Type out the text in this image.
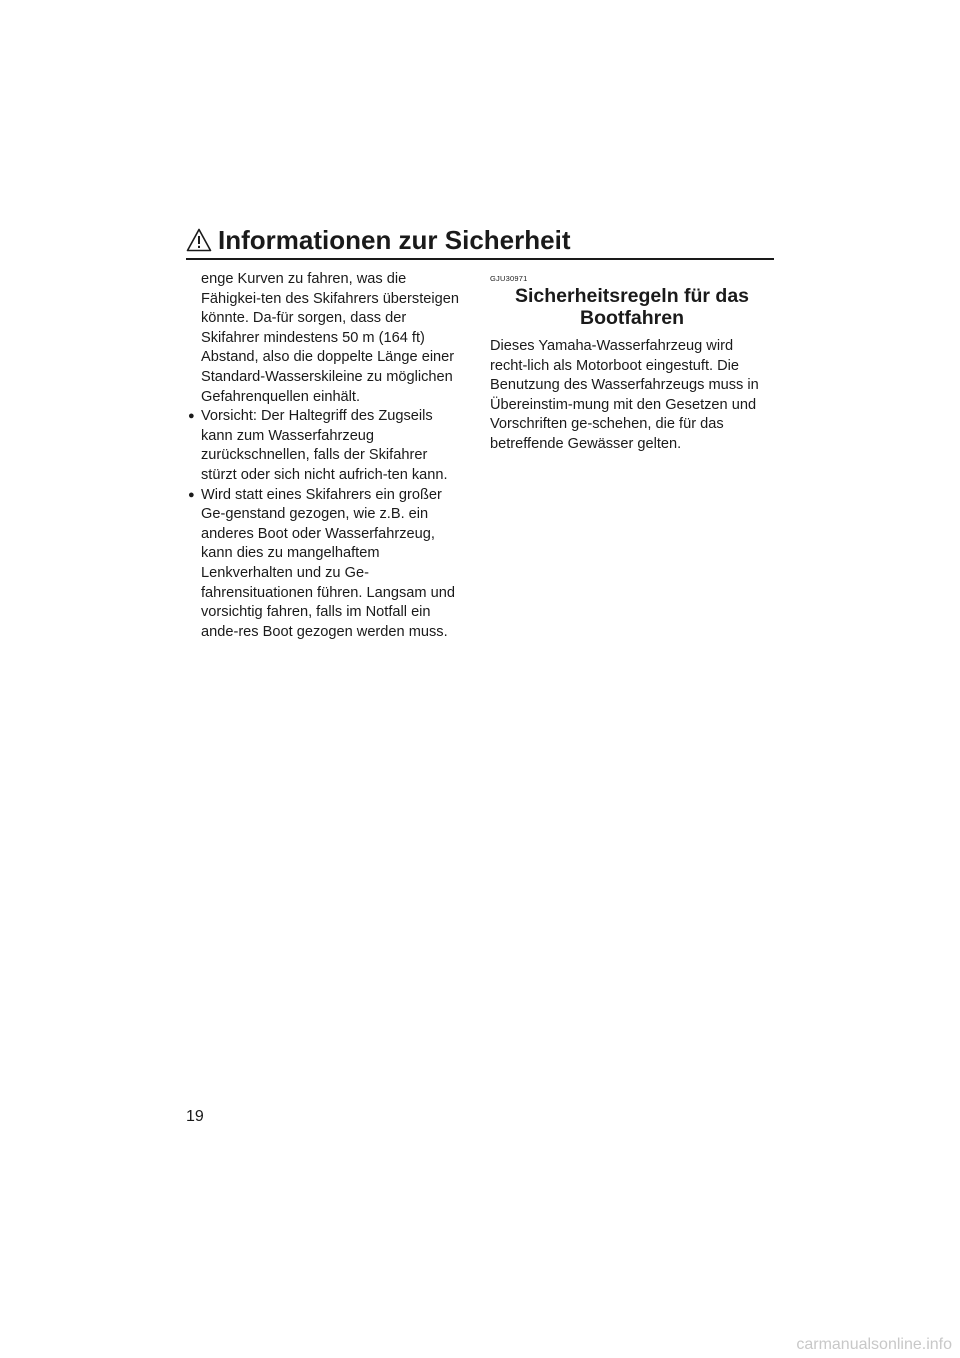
Informationen zur Sicherheit

enge Kurven zu fahren, was die Fähigkei-ten des Skifahrers übersteigen könnte. Da-für sorgen, dass der Skifahrer mindestens 50 m (164 ft) Abstand, also die doppelte Länge einer Standard-Wasserskileine zu möglichen Gefahrenquellen einhält.

● Vorsicht: Der Haltegriff des Zugseils kann zum Wasserfahrzeug zurückschnellen, falls der Skifahrer stürzt oder sich nicht aufrich-ten kann.
● Wird statt eines Skifahrers ein großer Ge-genstand gezogen, wie z.B. ein anderes Boot oder Wasserfahrzeug, kann dies zu mangelhaftem Lenkverhalten und zu Ge-fahrensituationen führen. Langsam und vorsichtig fahren, falls im Notfall ein ande-res Boot gezogen werden muss.
GJU30971
Sicherheitsregeln für das Bootfahren

Dieses Yamaha-Wasserfahrzeug wird recht-lich als Motorboot eingestuft. Die Benutzung des Wasserfahrzeugs muss in Übereinstim-mung mit den Gesetzen und Vorschriften ge-schehen, die für das betreffende Gewässer gelten.

19
carmanualsonline.info
